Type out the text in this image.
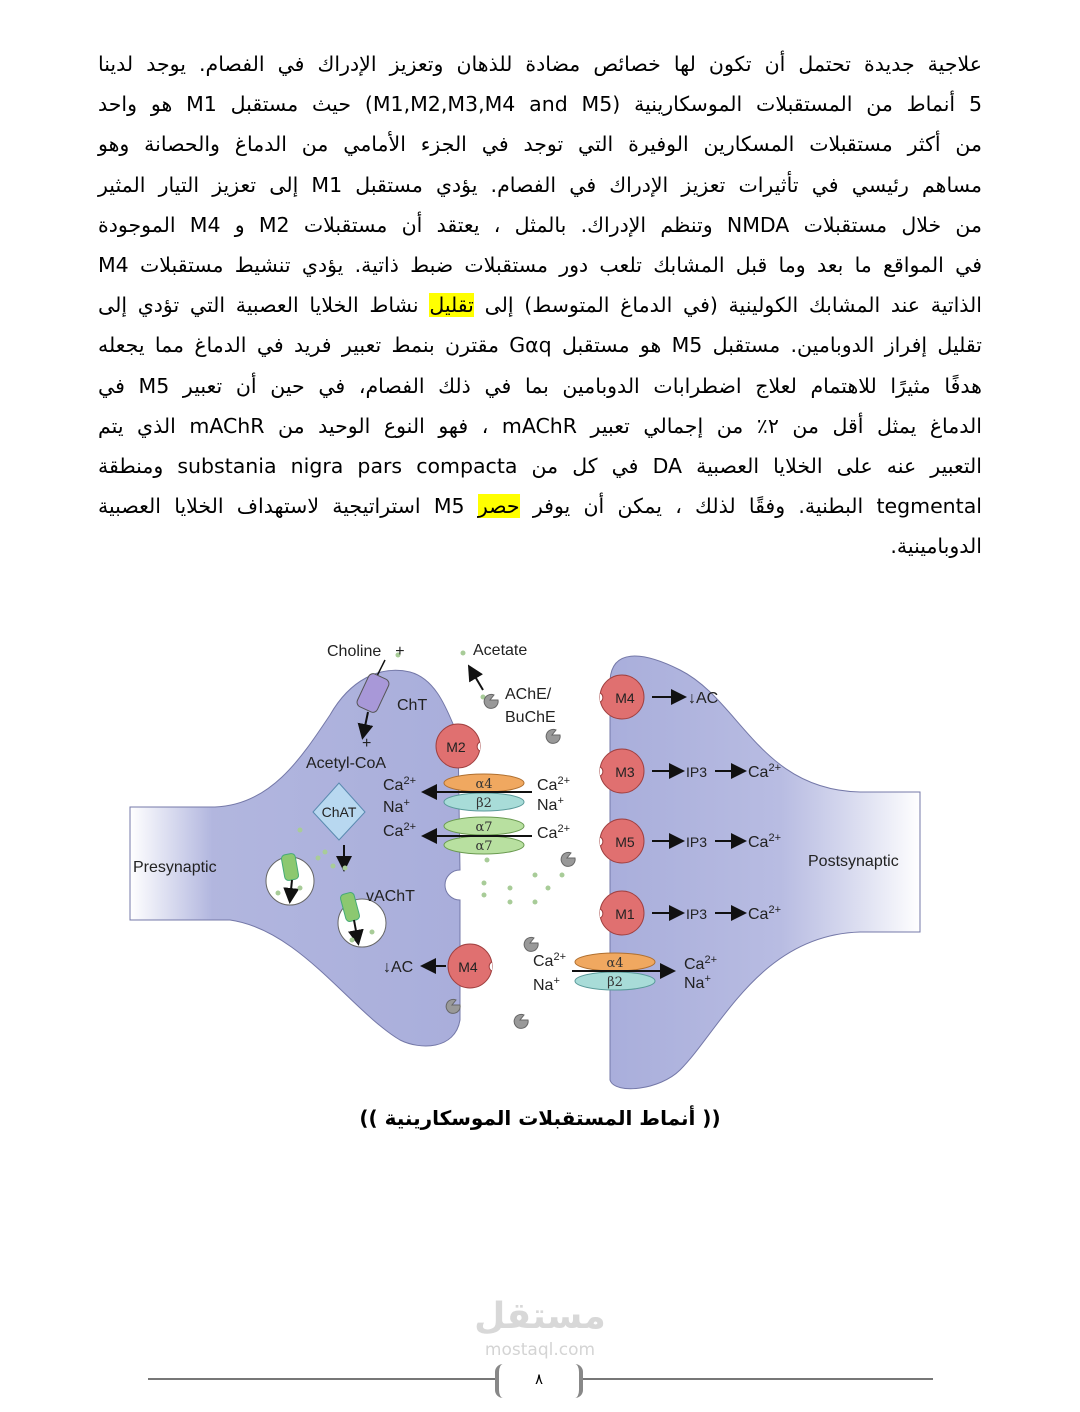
علاجية جديدة تحتمل أن تكون لها خصائص مضادة للذهان وتعزيز الإدراك في الفصام. يوجد لدينا
5 أنماط من المستقبلات الموسكارينية (M1,M2,M3,M4 and M5) حيث مستقبل M1 هو واحد
من أكثر مستقبلات المسكارين الوفيرة التي توجد في الجزء الأمامي من الدماغ والحصانة وهو
مساهم رئيسي في تأثيرات تعزيز الإدراك في الفصام. يؤدي مستقبل M1 إلى تعزيز التيار المثير
من خلال مستقبلات NMDA وتنظم الإدراك. بالمثل ، يعتقد أن مستقبلات M2 و M4 الموجودة
في المواقع ما بعد وما قبل المشابك تلعب دور مستقبلات ضبط ذاتية. يؤدي تنشيط مستقبلات M4
الذاتية عند المشابك الكولينية (في الدماغ المتوسط) إلى تقليل نشاط الخلايا العصبية التي تؤدي إلى
تقليل إفراز الدوبامين. مستقبل M5 هو مستقبل Gαq مقترن بنمط تعبير فريد في الدماغ مما يجعله
هدفًا مثيرًا للاهتمام لعلاج اضطرابات الدوبامين بما في ذلك الفصام، في حين أن تعبير M5 في
الدماغ يمثل أقل من ٢٪ من إجمالي تعبير mAChR ، فهو النوع الوحيد من mAChR الذي يتم
التعبير عنه على الخلايا العصبية DA في كل من substania nigra pars compacta ومنطقة
tegmental البطنية. وفقًا لذلك ، يمكن أن يوفر حصر M5 استراتيجية لاستهداف الخلايا العصبية
الدوبامينية.
α4
β2
α7
α7
α4
β2
M2
M4
M3
M5
M1
M4
Choline +	Acetate
ChT
AChE/
BuChE
+
Acetyl-CoA
ChAT
vAChT
Presynaptic	Postsynaptic
$Ca^{2+}$
Na+
$Ca^{2+}$
$Ca^{2+}$
Na+
$Ca^{2+}$
$Ca^{2+}$
Na+
$Ca^{2+}$
Na+
$Ca^{2+}$
$Ca^{2+}$
$Ca^{2+}$
IP3
IP3
IP3
↓AC
↓AC
(( أنماط المستقبلات الموسكارينية ))
مستقل
mostaql.com
٨
